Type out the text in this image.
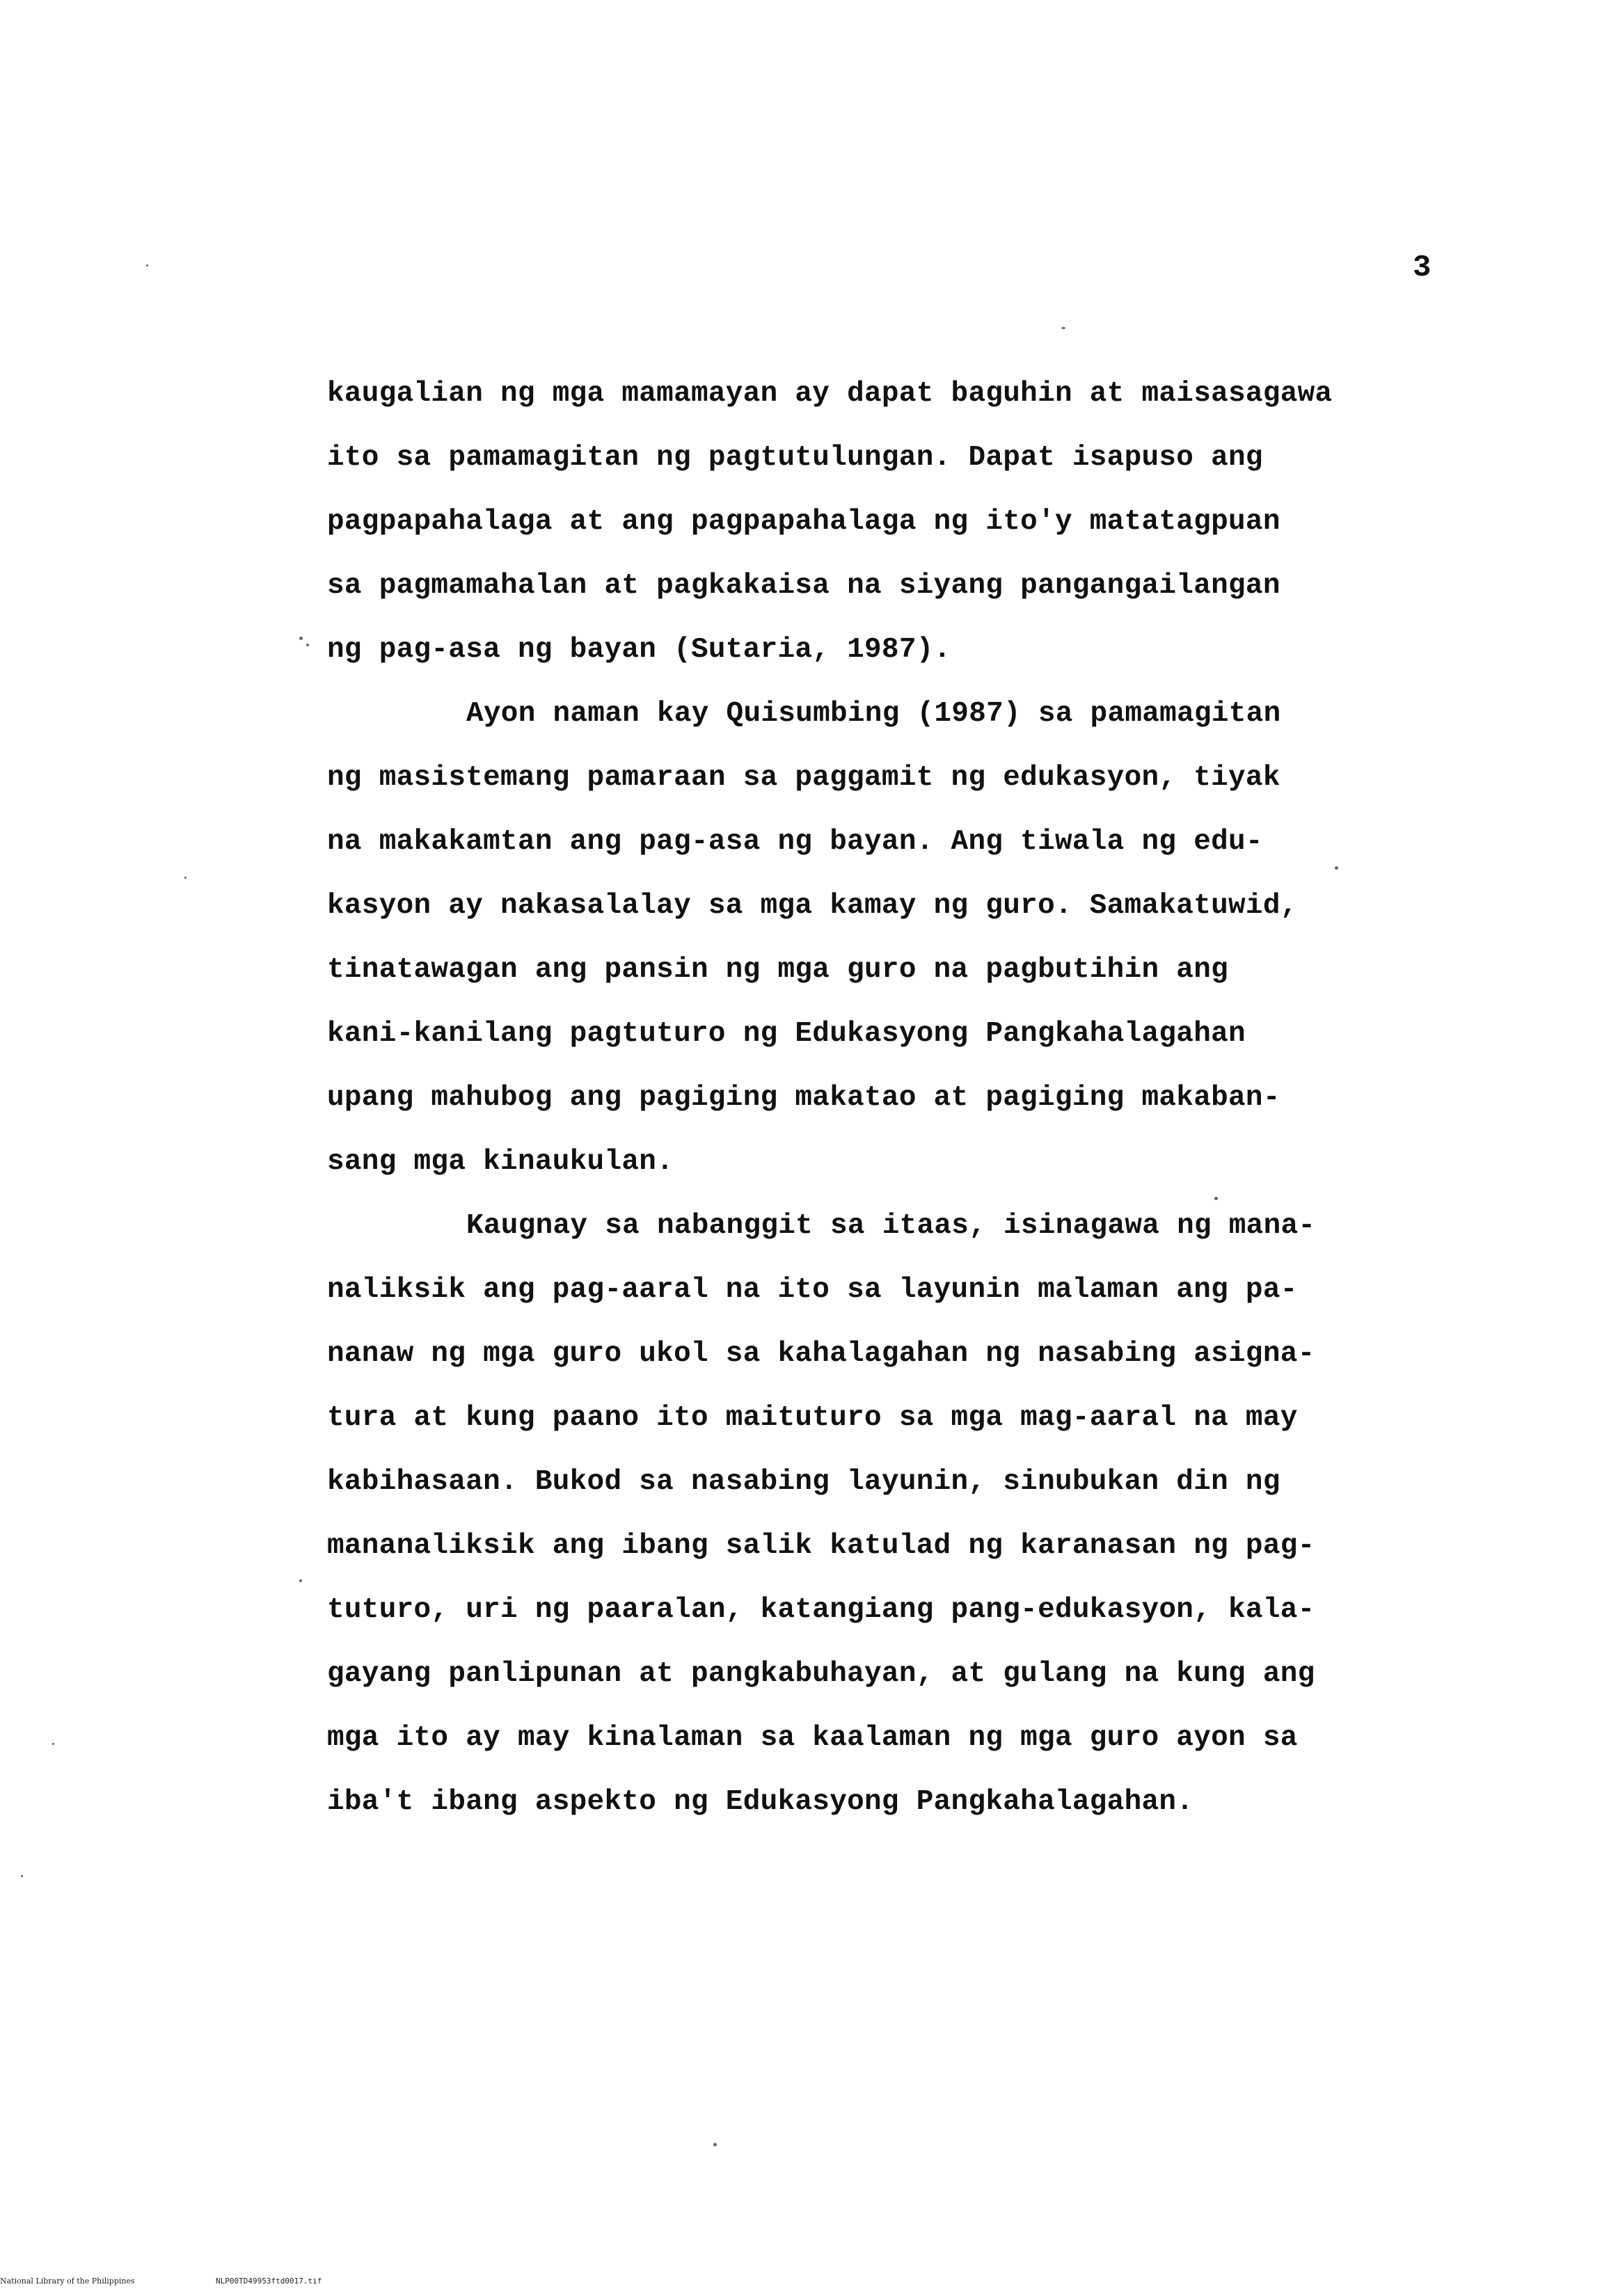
3
kaugalian ng mga mamamayan ay dapat baguhin at maisasagawa
ito sa pamamagitan ng pagtutulungan. Dapat isapuso ang
pagpapahalaga at ang pagpapahalaga ng ito'y matatagpuan
sa pagmamahalan at pagkakaisa na siyang pangangailangan
ng pag-asa ng bayan (Sutaria, 1987).
Ayon naman kay Quisumbing (1987) sa pamamagitan
ng masistemang pamaraan sa paggamit ng edukasyon, tiyak
na makakamtan ang pag-asa ng bayan. Ang tiwala ng edu-
kasyon ay nakasalalay sa mga kamay ng guro. Samakatuwid,
tinatawagan ang pansin ng mga guro na pagbutihin ang
kani-kanilang pagtuturo ng Edukasyong Pangkahalagahan
upang mahubog ang pagiging makatao at pagiging makaban-
sang mga kinaukulan.
Kaugnay sa nabanggit sa itaas, isinagawa ng mana-
naliksik ang pag-aaral na ito sa layunin malaman ang pa-
nanaw ng mga guro ukol sa kahalagahan ng nasabing asigna-
tura at kung paano ito maituturo sa mga mag-aaral na may
kabihasaan. Bukod sa nasabing layunin, sinubukan din ng
mananaliksik ang ibang salik katulad ng karanasan ng pag-
tuturo, uri ng paaralan, katangiang pang-edukasyon, kala-
gayang panlipunan at pangkabuhayan, at gulang na kung ang
mga ito ay may kinalaman sa kaalaman ng mga guro ayon sa
iba't ibang aspekto ng Edukasyong Pangkahalagahan.
National Library of the Philippines	NLP00TD49953ftd0017.tif
